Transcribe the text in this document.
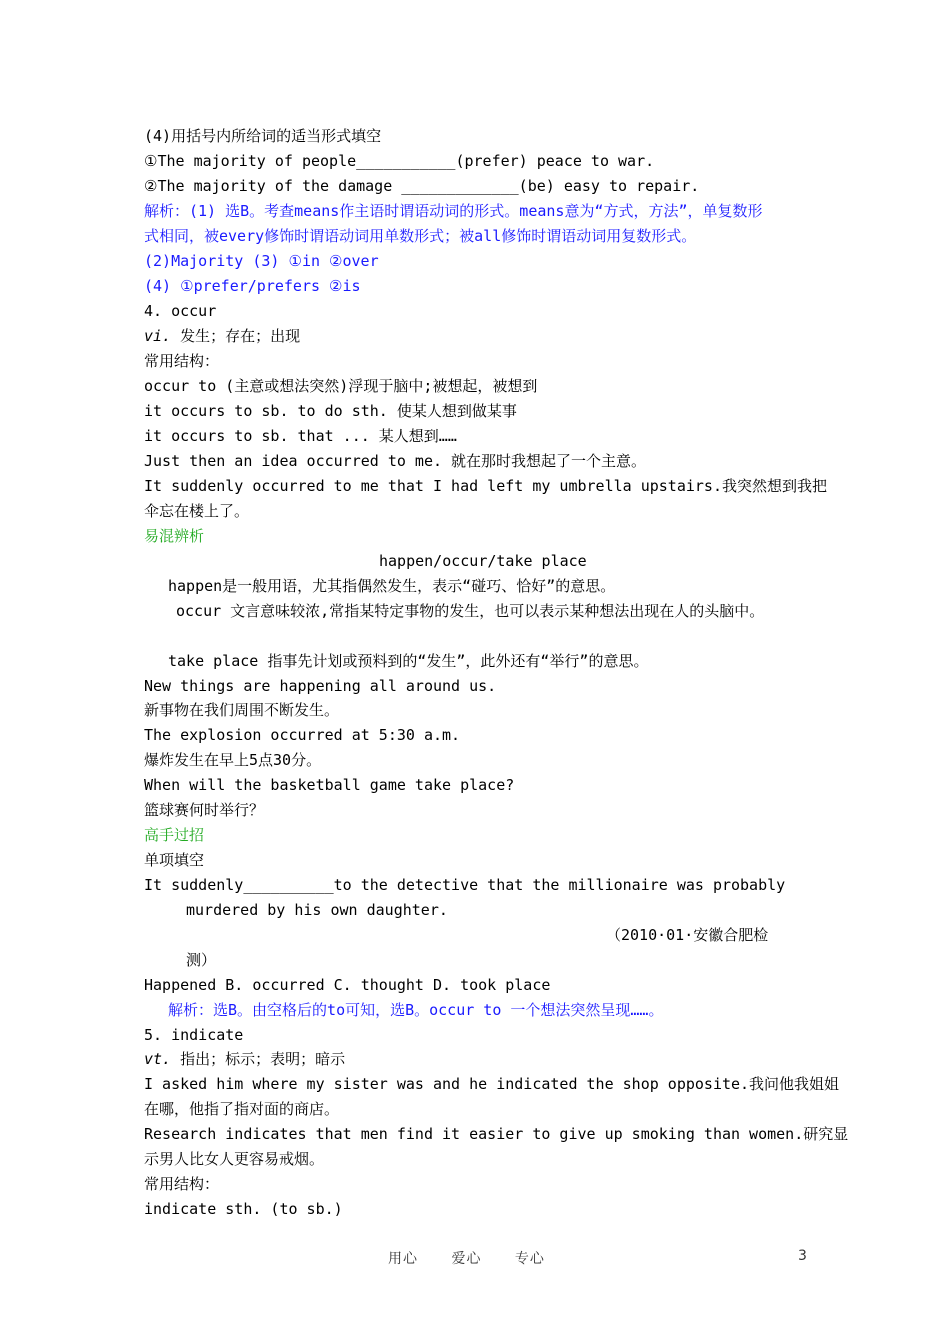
(4)用括号内所给词的适当形式填空
①The majority of people___________(prefer) peace to war.
②The majority of the damage _____________(be) easy to repair.
解析：(1) 选B。考查means作主语时谓语动词的形式。means意为“方式，方法”，单复数形
式相同，被every修饰时谓语动词用单数形式；被all修饰时谓语动词用复数形式。
(2)Majority (3) ①in ②over
(4) ①prefer/prefers ②is
4. occur
vi. 发生；存在；出现
常用结构：
occur to (主意或想法突然)浮现于脑中;被想起，被想到
it occurs to sb. to do sth. 使某人想到做某事
it occurs to sb. that ... 某人想到……
Just then an idea occurred to me. 就在那时我想起了一个主意。
It suddenly occurred to me that I had left my umbrella upstairs.我突然想到我把
伞忘在楼上了。
易混辨析
happen/occur/take place
happen是一般用语，尤其指偶然发生，表示“碰巧、恰好”的意思。
occur 文言意味较浓,常指某特定事物的发生，也可以表示某种想法出现在人的头脑中。
take place 指事先计划或预料到的“发生”，此外还有“举行”的意思。
New things are happening all around us.
新事物在我们周围不断发生。
The explosion occurred at 5:30 a.m.
爆炸发生在早上5点30分。
When will the basketball game take place?
篮球赛何时举行？
高手过招
单项填空
It suddenly__________to the detective that the millionaire was probably
murdered by his own daughter.
（2010·01·安徽合肥检
测）
Happened B. occurred C. thought D. took place
解析：选B。由空格后的to可知，选B。occur to 一个想法突然呈现……。
5. indicate
vt. 指出；标示；表明；暗示
I asked him where my sister was and he indicated the shop opposite.我问他我姐姐
在哪，他指了指对面的商店。
Research indicates that men find it easier to give up smoking than women.研究显
示男人比女人更容易戒烟。
常用结构：
indicate sth. (to sb.)
用心 爱心 专心	3
